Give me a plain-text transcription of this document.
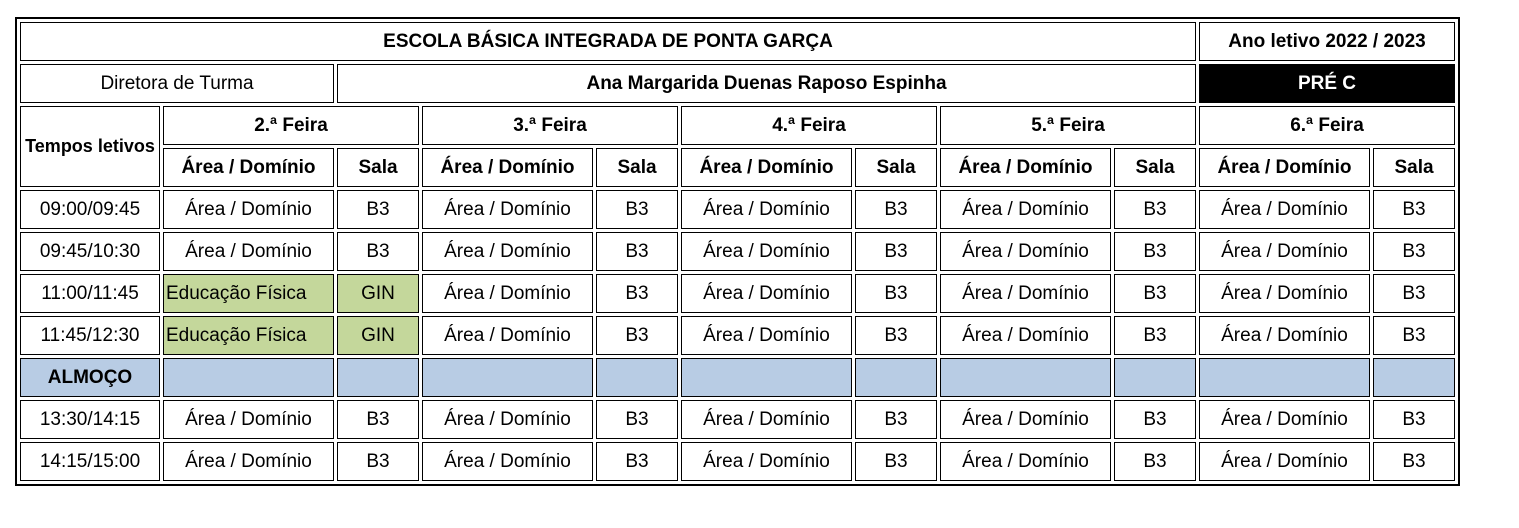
ESCOLA BÁSICA INTEGRADA DE PONTA GARÇA									Ano letivo 2022 / 2023	
Diretora de Turma		Ana Margarida Duenas Raposo Espinha							PRÉ C	
Tempos letivos	2.ª Feira		3.ª Feira		4.ª Feira		5.ª Feira		6.ª Feira	
	Área / Domínio	Sala	Área / Domínio	Sala	Área / Domínio	Sala	Área / Domínio	Sala	Área / Domínio	Sala
09:00/09:45	Área / Domínio	B3	Área / Domínio	B3	Área / Domínio	B3	Área / Domínio	B3	Área / Domínio	B3
09:45/10:30	Área / Domínio	B3	Área / Domínio	B3	Área / Domínio	B3	Área / Domínio	B3	Área / Domínio	B3
11:00/11:45	Educação Física	GIN	Área / Domínio	B3	Área / Domínio	B3	Área / Domínio	B3	Área / Domínio	B3
11:45/12:30	Educação Física	GIN	Área / Domínio	B3	Área / Domínio	B3	Área / Domínio	B3	Área / Domínio	B3
ALMOÇO										
13:30/14:15	Área / Domínio	B3	Área / Domínio	B3	Área / Domínio	B3	Área / Domínio	B3	Área / Domínio	B3
14:15/15:00	Área / Domínio	B3	Área / Domínio	B3	Área / Domínio	B3	Área / Domínio	B3	Área / Domínio	B3
